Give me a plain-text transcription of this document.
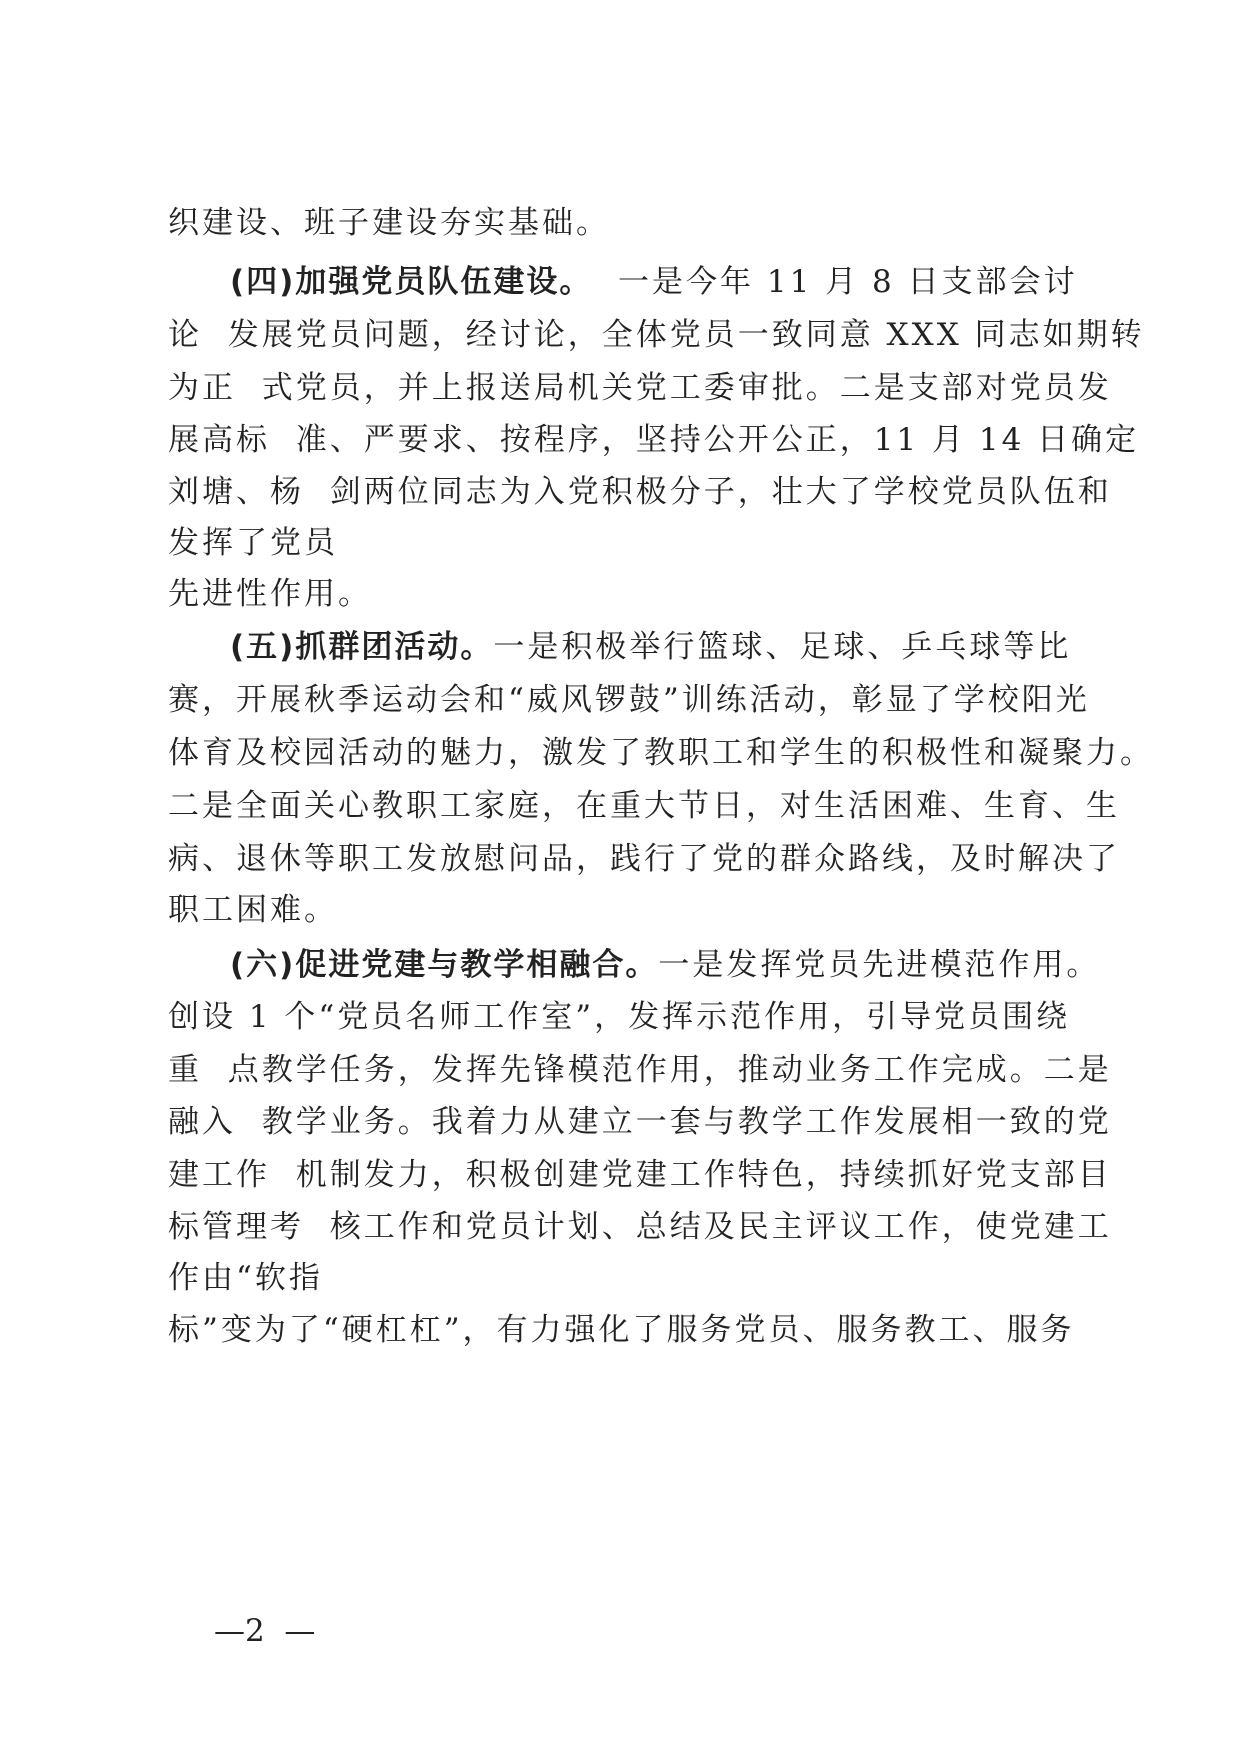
织建设、班子建设夯实基础。
(四)加强党员队伍建设。  一是今年 11 月 8 日支部会讨
论  发展党员问题，经讨论，全体党员一致同意 XXX 同志如期转
为正  式党员，并上报送局机关党工委审批。二是支部对党员发
展高标  准、严要求、按程序，坚持公开公正，11 月 14 日确定
刘塘、杨  剑两位同志为入党积极分子，壮大了学校党员队伍和
发挥了党员
先进性作用。
(五)抓群团活动。一是积极举行篮球、足球、乒乓球等比
赛，开展秋季运动会和“威风锣鼓”训练活动，彰显了学校阳光
体育及校园活动的魅力，激发了教职工和学生的积极性和凝聚力。
二是全面关心教职工家庭，在重大节日，对生活困难、生育、生
病、退休等职工发放慰问品，践行了党的群众路线，及时解决了
职工困难。
(六)促进党建与教学相融合。一是发挥党员先进模范作用。
创设 1 个“党员名师工作室”，发挥示范作用，引导党员围绕
重  点教学任务，发挥先锋模范作用，推动业务工作完成。二是
融入  教学业务。我着力从建立一套与教学工作发展相一致的党
建工作  机制发力，积极创建党建工作特色，持续抓好党支部目
标管理考  核工作和党员计划、总结及民主评议工作，使党建工
作由“软指
标”变为了“硬杠杠”，有力强化了服务党员、服务教工、服务
—2  —
